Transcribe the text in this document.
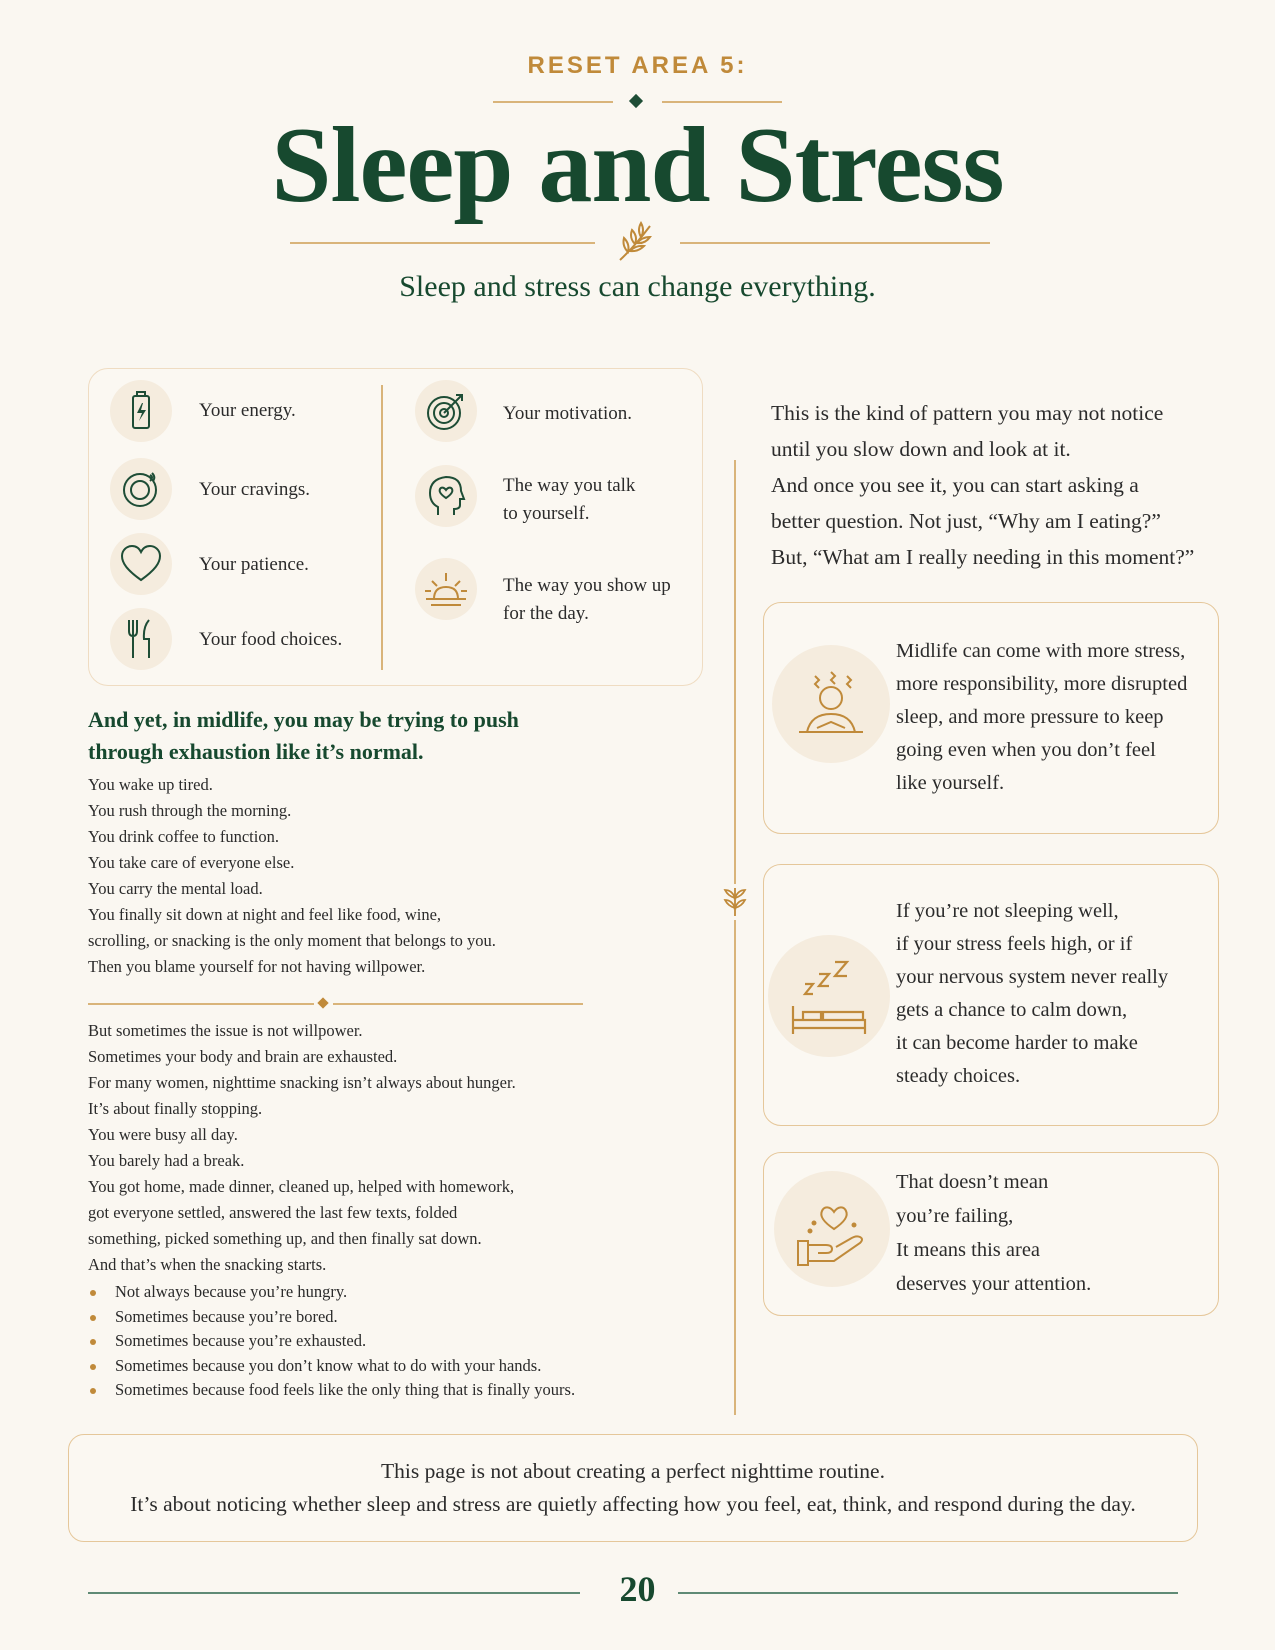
RESET AREA 5:
Sleep and Stress
Sleep and stress can change everything.
Your energy.
Your cravings.
Your patience.
Your food choices.
Your motivation.
The way you talk
to yourself.
The way you show up
for the day.
And yet, in midlife, you may be trying to push
through exhaustion like it’s normal.
You wake up tired.
You rush through the morning.
You drink coffee to function.
You take care of everyone else.
You carry the mental load.
You finally sit down at night and feel like food, wine,
scrolling, or snacking is the only moment that belongs to you.
Then you blame yourself for not having willpower.
But sometimes the issue is not willpower.
Sometimes your body and brain are exhausted.
For many women, nighttime snacking isn’t always about hunger.
It’s about finally stopping.
You were busy all day.
You barely had a break.
You got home, made dinner, cleaned up, helped with homework,
got everyone settled, answered the last few texts, folded
something, picked something up, and then finally sat down.
And that’s when the snacking starts.
Not always because you’re hungry.
Sometimes because you’re bored.
Sometimes because you’re exhausted.
Sometimes because you don’t know what to do with your hands.
Sometimes because food feels like the only thing that is finally yours.
This is the kind of pattern you may not notice
until you slow down and look at it.
And once you see it, you can start asking a
better question. Not just, “Why am I eating?”
But, “What am I really needing in this moment?”
Midlife can come with more stress,
more responsibility, more disrupted
sleep, and more pressure to keep
going even when you don’t feel
like yourself.
If you’re not sleeping well,
if your stress feels high, or if
your nervous system never really
gets a chance to calm down,
it can become harder to make
steady choices.
That doesn’t mean
you’re failing,
It means this area
deserves your attention.
This page is not about creating a perfect nighttime routine.
It’s about noticing whether sleep and stress are quietly affecting how you feel, eat, think, and respond during the day.
20
